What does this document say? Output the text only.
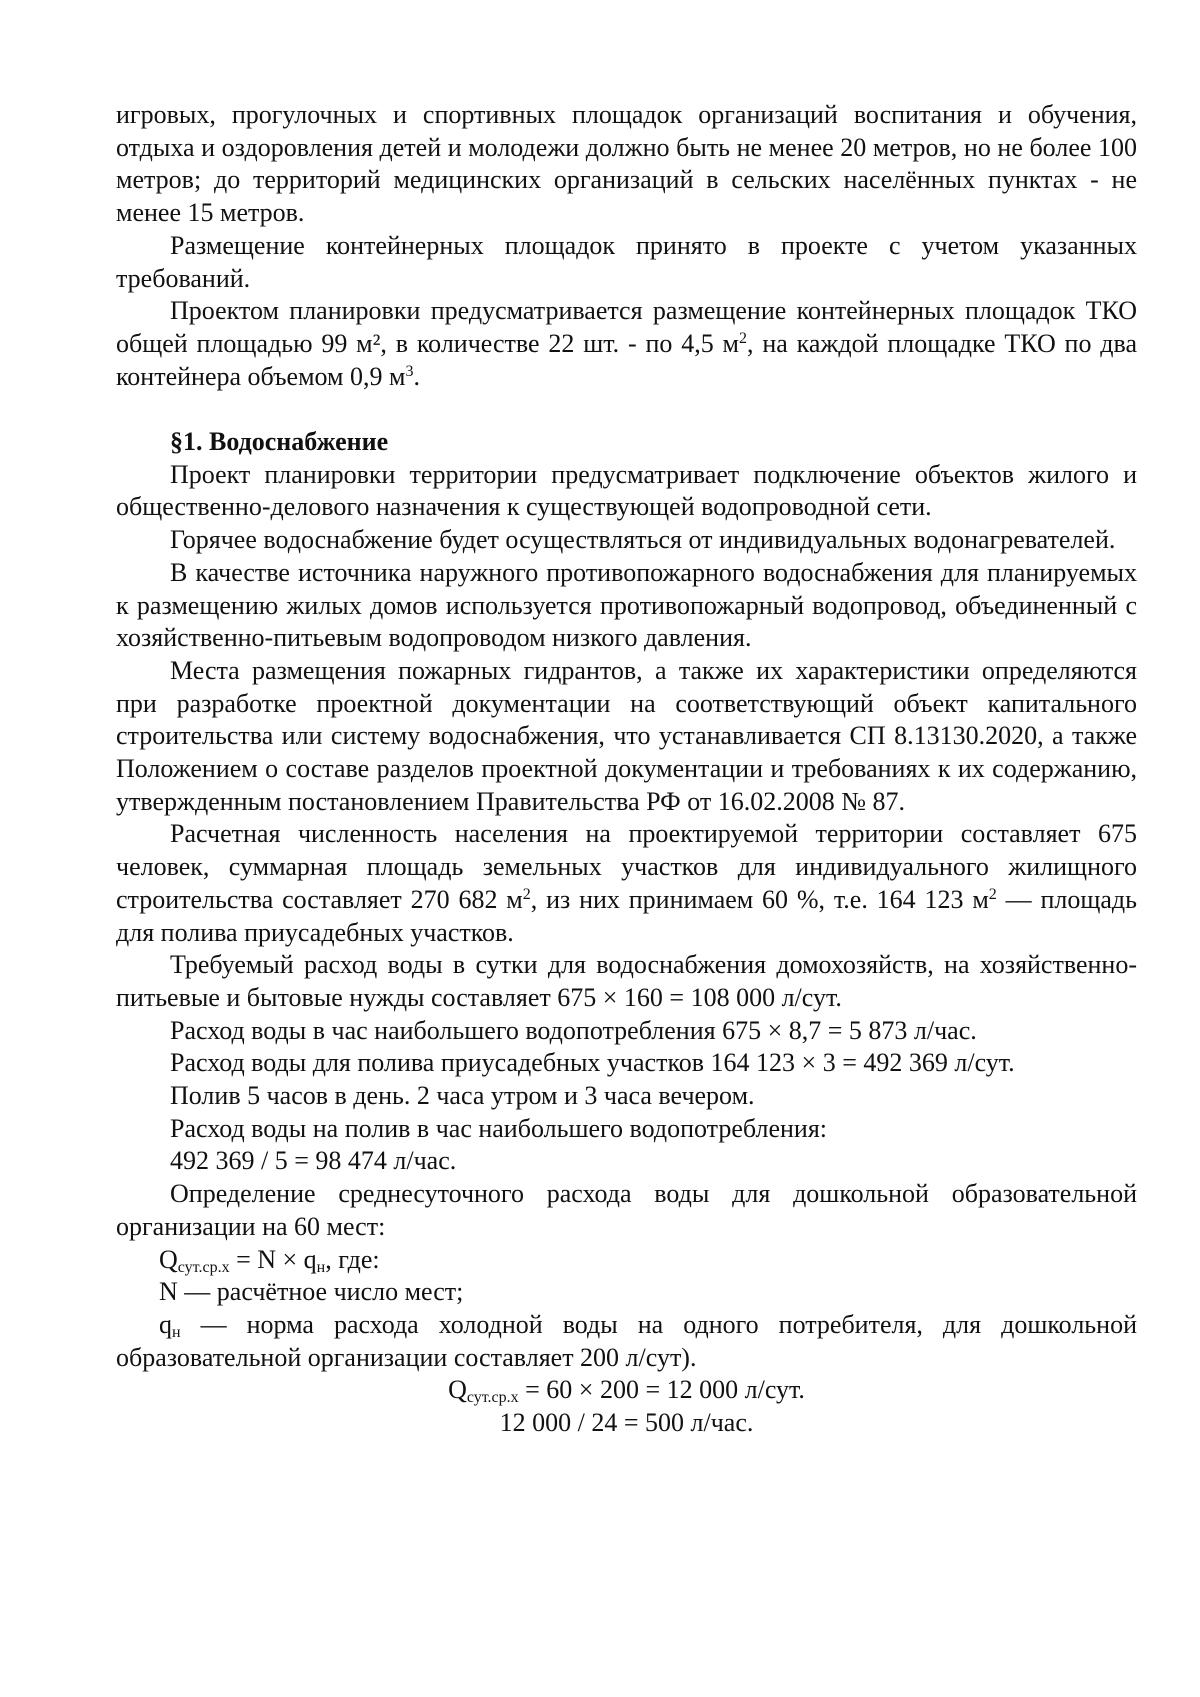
игровых, прогулочных и спортивных площадок организаций воспитания и обучения, отдыха и оздоровления детей и молодежи должно быть не менее 20 метров, но не более 100 метров; до территорий медицинских организаций в сельских населённых пунктах - не менее 15 метров.

Размещение контейнерных площадок принято в проекте с учетом указанных требований.

Проектом планировки предусматривается размещение контейнерных площадок ТКО общей площадью 99 м², в количестве 22 шт. - по 4,5 $м^2$, на каждой площадке ТКО по два контейнера объемом 0,9 $м^3$.

§1. Водоснабжение

Проект планировки территории предусматривает подключение объектов жилого и общественно-делового назначения к существующей водопроводной сети.

Горячее водоснабжение будет осуществляться от индивидуальных водонагревателей.

В качестве источника наружного противопожарного водоснабжения для планируемых к размещению жилых домов используется противопожарный водопровод, объединенный с хозяйственно-питьевым водопроводом низкого давления.

Места размещения пожарных гидрантов, а также их характеристики определяются при разработке проектной документации на соответствующий объект капитального строительства или систему водоснабжения, что устанавливается СП 8.13130.2020, а также Положением о составе разделов проектной документации и требованиях к их содержанию, утвержденным постановлением Правительства РФ от 16.02.2008 № 87.

Расчетная численность населения на проектируемой территории составляет 675 человек, суммарная площадь земельных участков для индивидуального жилищного строительства составляет 270 682 $м^2$, из них принимаем 60 %, т.е. 164 123 $м^2$ — площадь для полива приусадебных участков.

Требуемый расход воды в сутки для водоснабжения домохозяйств, на хозяйственно-питьевые и бытовые нужды составляет 675 × 160 = 108 000 л/сут.

Расход воды в час наибольшего водопотребления 675 × 8,7 = 5 873 л/час.

Расход воды для полива приусадебных участков 164 123 × 3 = 492 369 л/сут.

Полив 5 часов в день. 2 часа утром и 3 часа вечером.

Расход воды на полив в час наибольшего водопотребления:

492 369 / 5 = 98 474 л/час.

Определение среднесуточного расхода воды для дошкольной образовательной организации на 60 мест:

$Q_{сут.ср.х} = N \times q_н$, где:

N — расчётное число мест;

$q_н$ — норма расхода холодной воды на одного потребителя, для дошкольной образовательной организации составляет 200 л/сут).

$Q_{сут.ср.х} = 60 \times 200 = 12$ 000 л/сут.

12 000 / 24 = 500 л/час.
